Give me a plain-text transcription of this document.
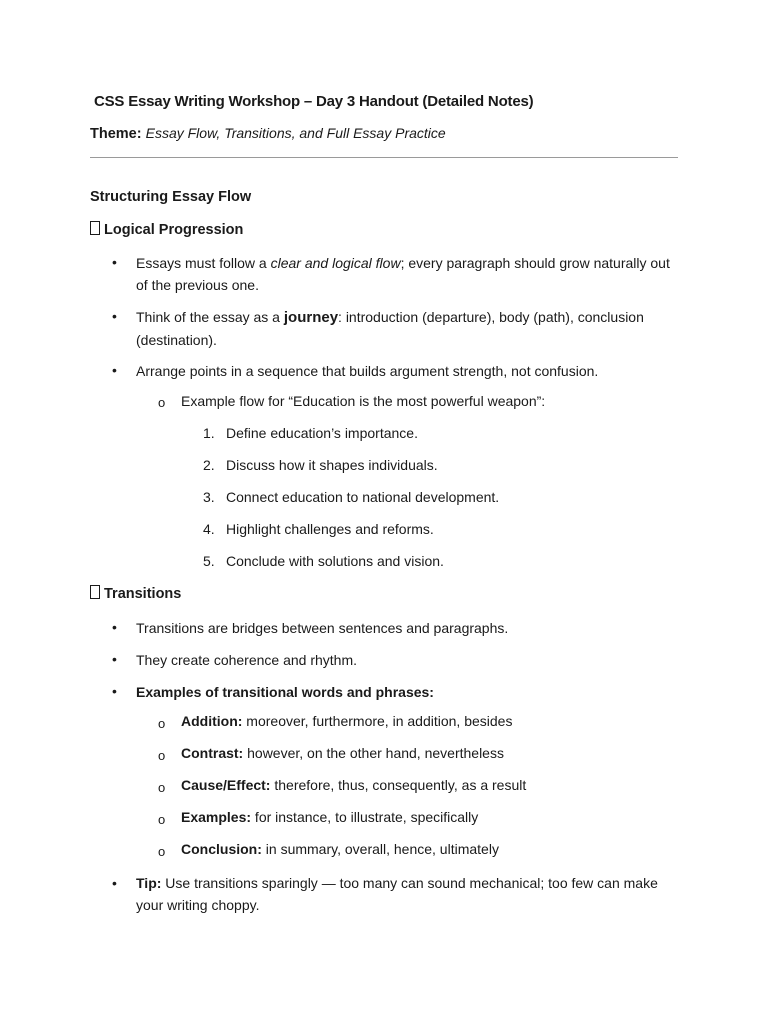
CSS Essay Writing Workshop – Day 3 Handout (Detailed Notes)
Theme: Essay Flow, Transitions, and Full Essay Practice
Structuring Essay Flow
Logical Progression
•
Essays must follow a clear and logical flow; every paragraph should grow naturally out of the previous one.
•
Think of the essay as a journey: introduction (departure), body (path), conclusion (destination).
•
Arrange points in a sequence that builds argument strength, not confusion.
o Example flow for “Education is the most powerful weapon”:
1. Define education’s importance.
2. Discuss how it shapes individuals.
3. Connect education to national development.
4. Highlight challenges and reforms.
5. Conclude with solutions and vision.
Transitions
•
Transitions are bridges between sentences and paragraphs.
•
They create coherence and rhythm.
•
Examples of transitional words and phrases:
o Addition: moreover, furthermore, in addition, besides
o Contrast: however, on the other hand, nevertheless
o Cause/Effect: therefore, thus, consequently, as a result
o Examples: for instance, to illustrate, specifically
o Conclusion: in summary, overall, hence, ultimately
•
Tip: Use transitions sparingly — too many can sound mechanical; too few can make your writing choppy.
